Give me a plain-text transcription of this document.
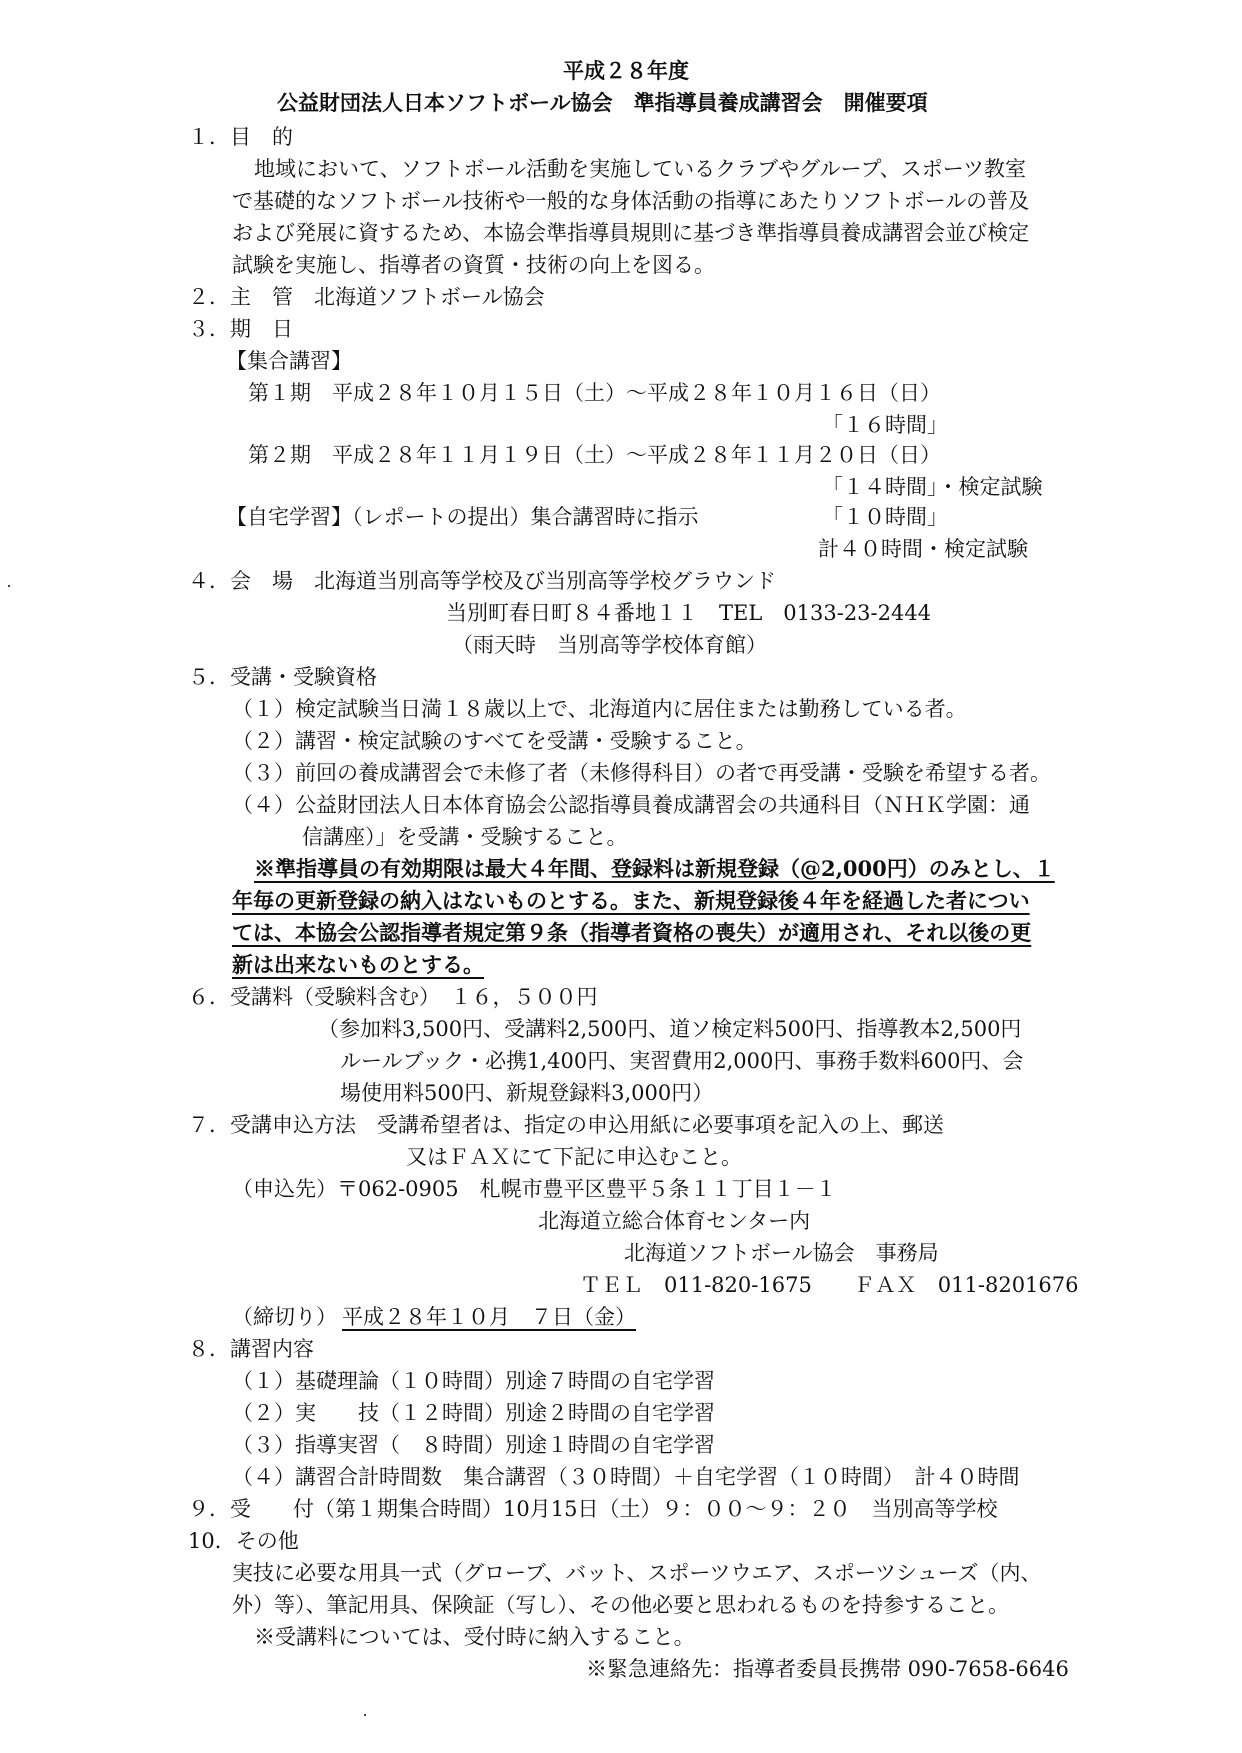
平成２８年度
公益財団法人日本ソフトボール協会　準指導員養成講習会　開催要項
１．目　的
地域において、ソフトボール活動を実施しているクラブやグループ、スポーツ教室
で基礎的なソフトボール技術や一般的な身体活動の指導にあたりソフトボールの普及
および発展に資するため、本協会準指導員規則に基づき準指導員養成講習会並び検定
試験を実施し、指導者の資質・技術の向上を図る。
２．主　管　北海道ソフトボール協会
３．期　日
【集合講習】
第１期　平成２８年１０月１５日（土）～平成２８年１０月１６日（日）
「１６時間」
第２期　平成２８年１１月１９日（土）～平成２８年１１月２０日（日）
「１４時間」・検定試験
【自宅学習】（レポートの提出）集合講習時に指示	「１０時間」
計４０時間・検定試験
４．会　場　北海道当別高等学校及び当別高等学校グラウンド
当別町春日町８４番地１１　TEL　0133-23-2444
（雨天時　当別高等学校体育館）
５．受講・受験資格
（１）検定試験当日満１８歳以上で、北海道内に居住または勤務している者。
（２）講習・検定試験のすべてを受講・受験すること。
（３）前回の養成講習会で未修了者（未修得科目）の者で再受講・受験を希望する者。
（４）公益財団法人日本体育協会公認指導員養成講習会の共通科目（ＮＨＫ学園：通
信講座）」を受講・受験すること。
※準指導員の有効期限は最大４年間、登録料は新規登録（@2,000円）のみとし、１
年毎の更新登録の納入はないものとする。また、新規登録後４年を経過した者につい
ては、本協会公認指導者規定第９条（指導者資格の喪失）が適用され、それ以後の更
新は出来ないものとする。
６．受講料（受験料含む）　１６，５００円
（参加料3,500円、受講料2,500円、道ソ検定料500円、指導教本2,500円
ルールブック・必携1,400円、実習費用2,000円、事務手数料600円、会
場使用料500円、新規登録料3,000円）
７．受講申込方法　受講希望者は、指定の申込用紙に必要事項を記入の上、郵送
又はＦＡＸにて下記に申込むこと。
（申込先）〒062-0905　札幌市豊平区豊平５条１１丁目１－１
北海道立総合体育センター内
北海道ソフトボール協会　事務局
ＴＥＬ　011-820-1675　　ＦＡＸ　011-8201676
（締切り） 平成２８年１０月　７日（金）
８．講習内容
（１）基礎理論（１０時間）別途７時間の自宅学習
（２）実　　技（１２時間）別途２時間の自宅学習
（３）指導実習（　８時間）別途１時間の自宅学習
（４）講習合計時間数　集合講習（３０時間）＋自宅学習（１０時間）　計４０時間
９．受　　付（第１期集合時間）10月15日（土）９：００～９：２０　当別高等学校
10．その他
実技に必要な用具一式（グローブ、バット、スポーツウエア、スポーツシューズ（内、
外）等）、筆記用具、保険証（写し）、その他必要と思われるものを持参すること。
※受講料については、受付時に納入すること。
※緊急連絡先：指導者委員長携帯 090-7658-6646
